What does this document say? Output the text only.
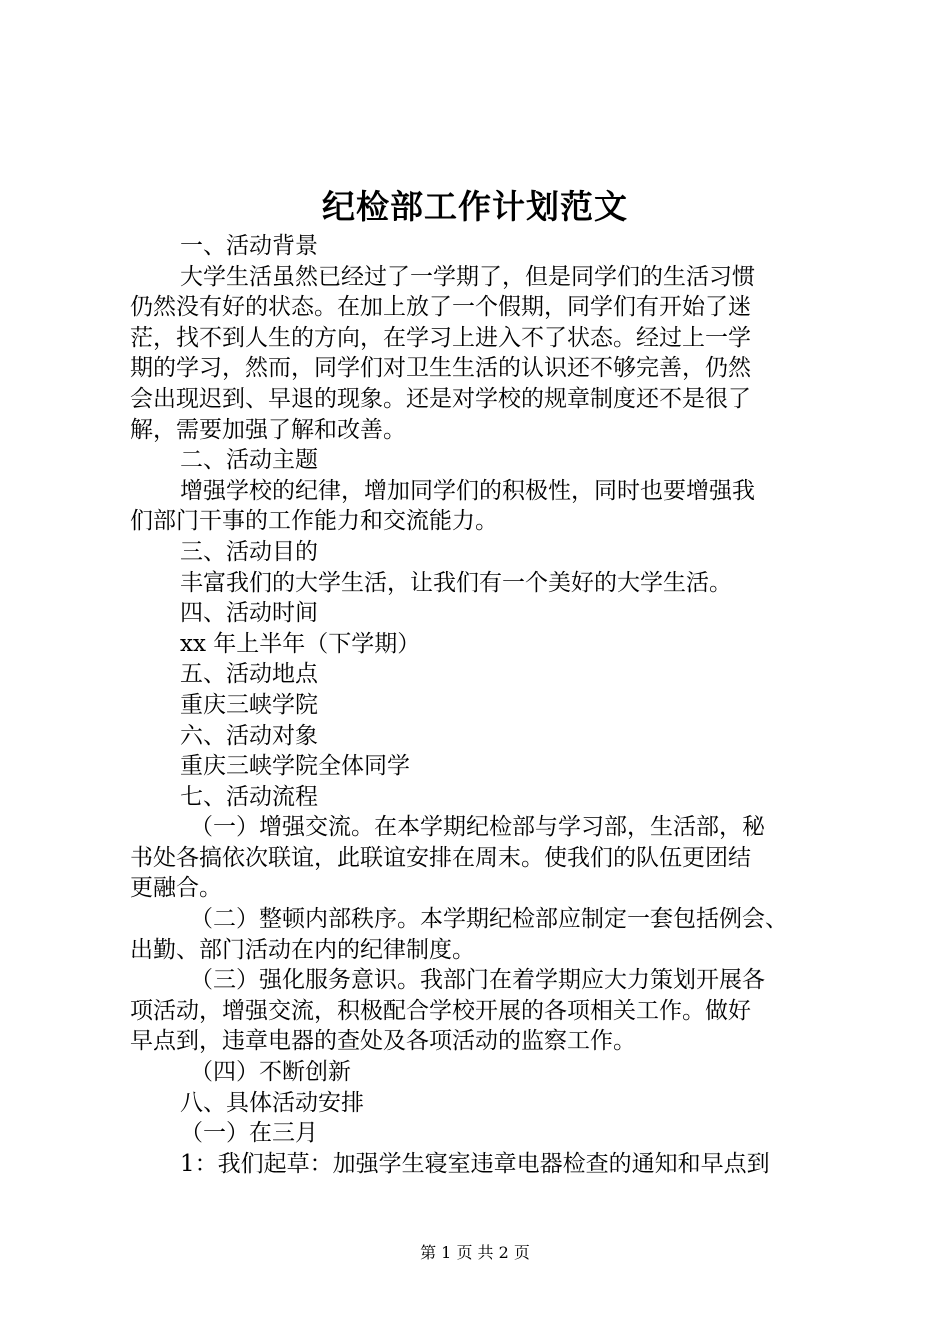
纪检部工作计划范文
一、活动背景
大学生活虽然已经过了一学期了，但是同学们的生活习惯
仍然没有好的状态。在加上放了一个假期，同学们有开始了迷
茫，找不到人生的方向，在学习上进入不了状态。经过上一学
期的学习，然而，同学们对卫生生活的认识还不够完善，仍然
会出现迟到、早退的现象。还是对学校的规章制度还不是很了
解，需要加强了解和改善。
二、活动主题
增强学校的纪律，增加同学们的积极性，同时也要增强我
们部门干事的工作能力和交流能力。
三、活动目的
丰富我们的大学生活，让我们有一个美好的大学生活。
四、活动时间
xx 年上半年（下学期）
五、活动地点
重庆三峡学院
六、活动对象
重庆三峡学院全体同学
七、活动流程
（一）增强交流。在本学期纪检部与学习部，生活部，秘
书处各搞依次联谊，此联谊安排在周末。使我们的队伍更团结
更融合。
（二）整顿内部秩序。本学期纪检部应制定一套包括例会、
出勤、部门活动在内的纪律制度。
（三）强化服务意识。我部门在着学期应大力策划开展各
项活动，增强交流，积极配合学校开展的各项相关工作。做好
早点到，违章电器的查处及各项活动的监察工作。
（四）不断创新
八、具体活动安排
（一）在三月
1：我们起草：加强学生寝室违章电器检查的通知和早点到
第 1 页 共 2 页
